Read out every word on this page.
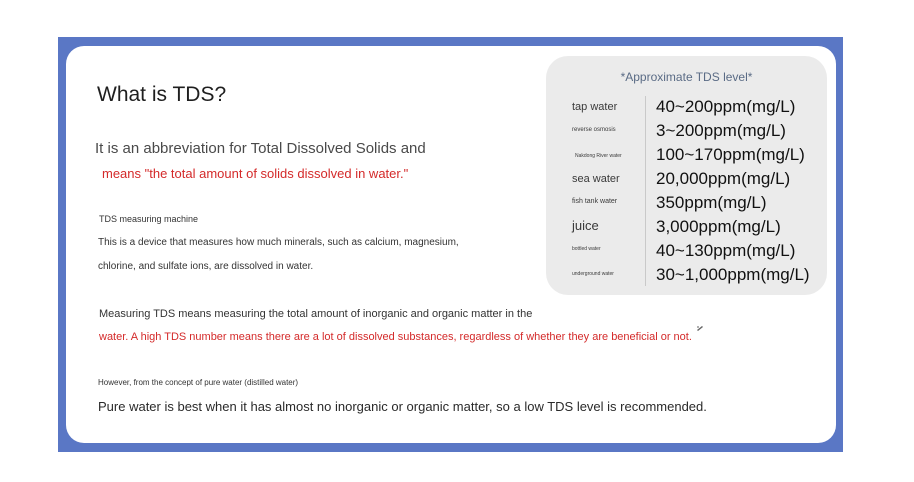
What is TDS?
It is an abbreviation for Total Dissolved Solids and
means "the total amount of solids dissolved in water."
TDS measuring machine
This is a device that measures how much minerals, such as calcium, magnesium,
chlorine, and sulfate ions, are dissolved in water.
Measuring TDS means measuring the total amount of inorganic and organic matter in the
water. A high TDS number means there are a lot of dissolved substances, regardless of whether they are beneficial or not.
However, from the concept of pure water (distilled water)
Pure water is best when it has almost no inorganic or organic matter, so a low TDS level is recommended.
*Approximate TDS level*
tap water 40~200ppm(mg/L)
reverse osmosis 3~200ppm(mg/L)
Nakdong River water 100~170ppm(mg/L)
sea water 20,000ppm(mg/L)
fish tank water 350ppm(mg/L)
juice	3,000ppm(mg/L)
bottled water	40~130ppm(mg/L)
underground water 30~1,000ppm(mg/L)
